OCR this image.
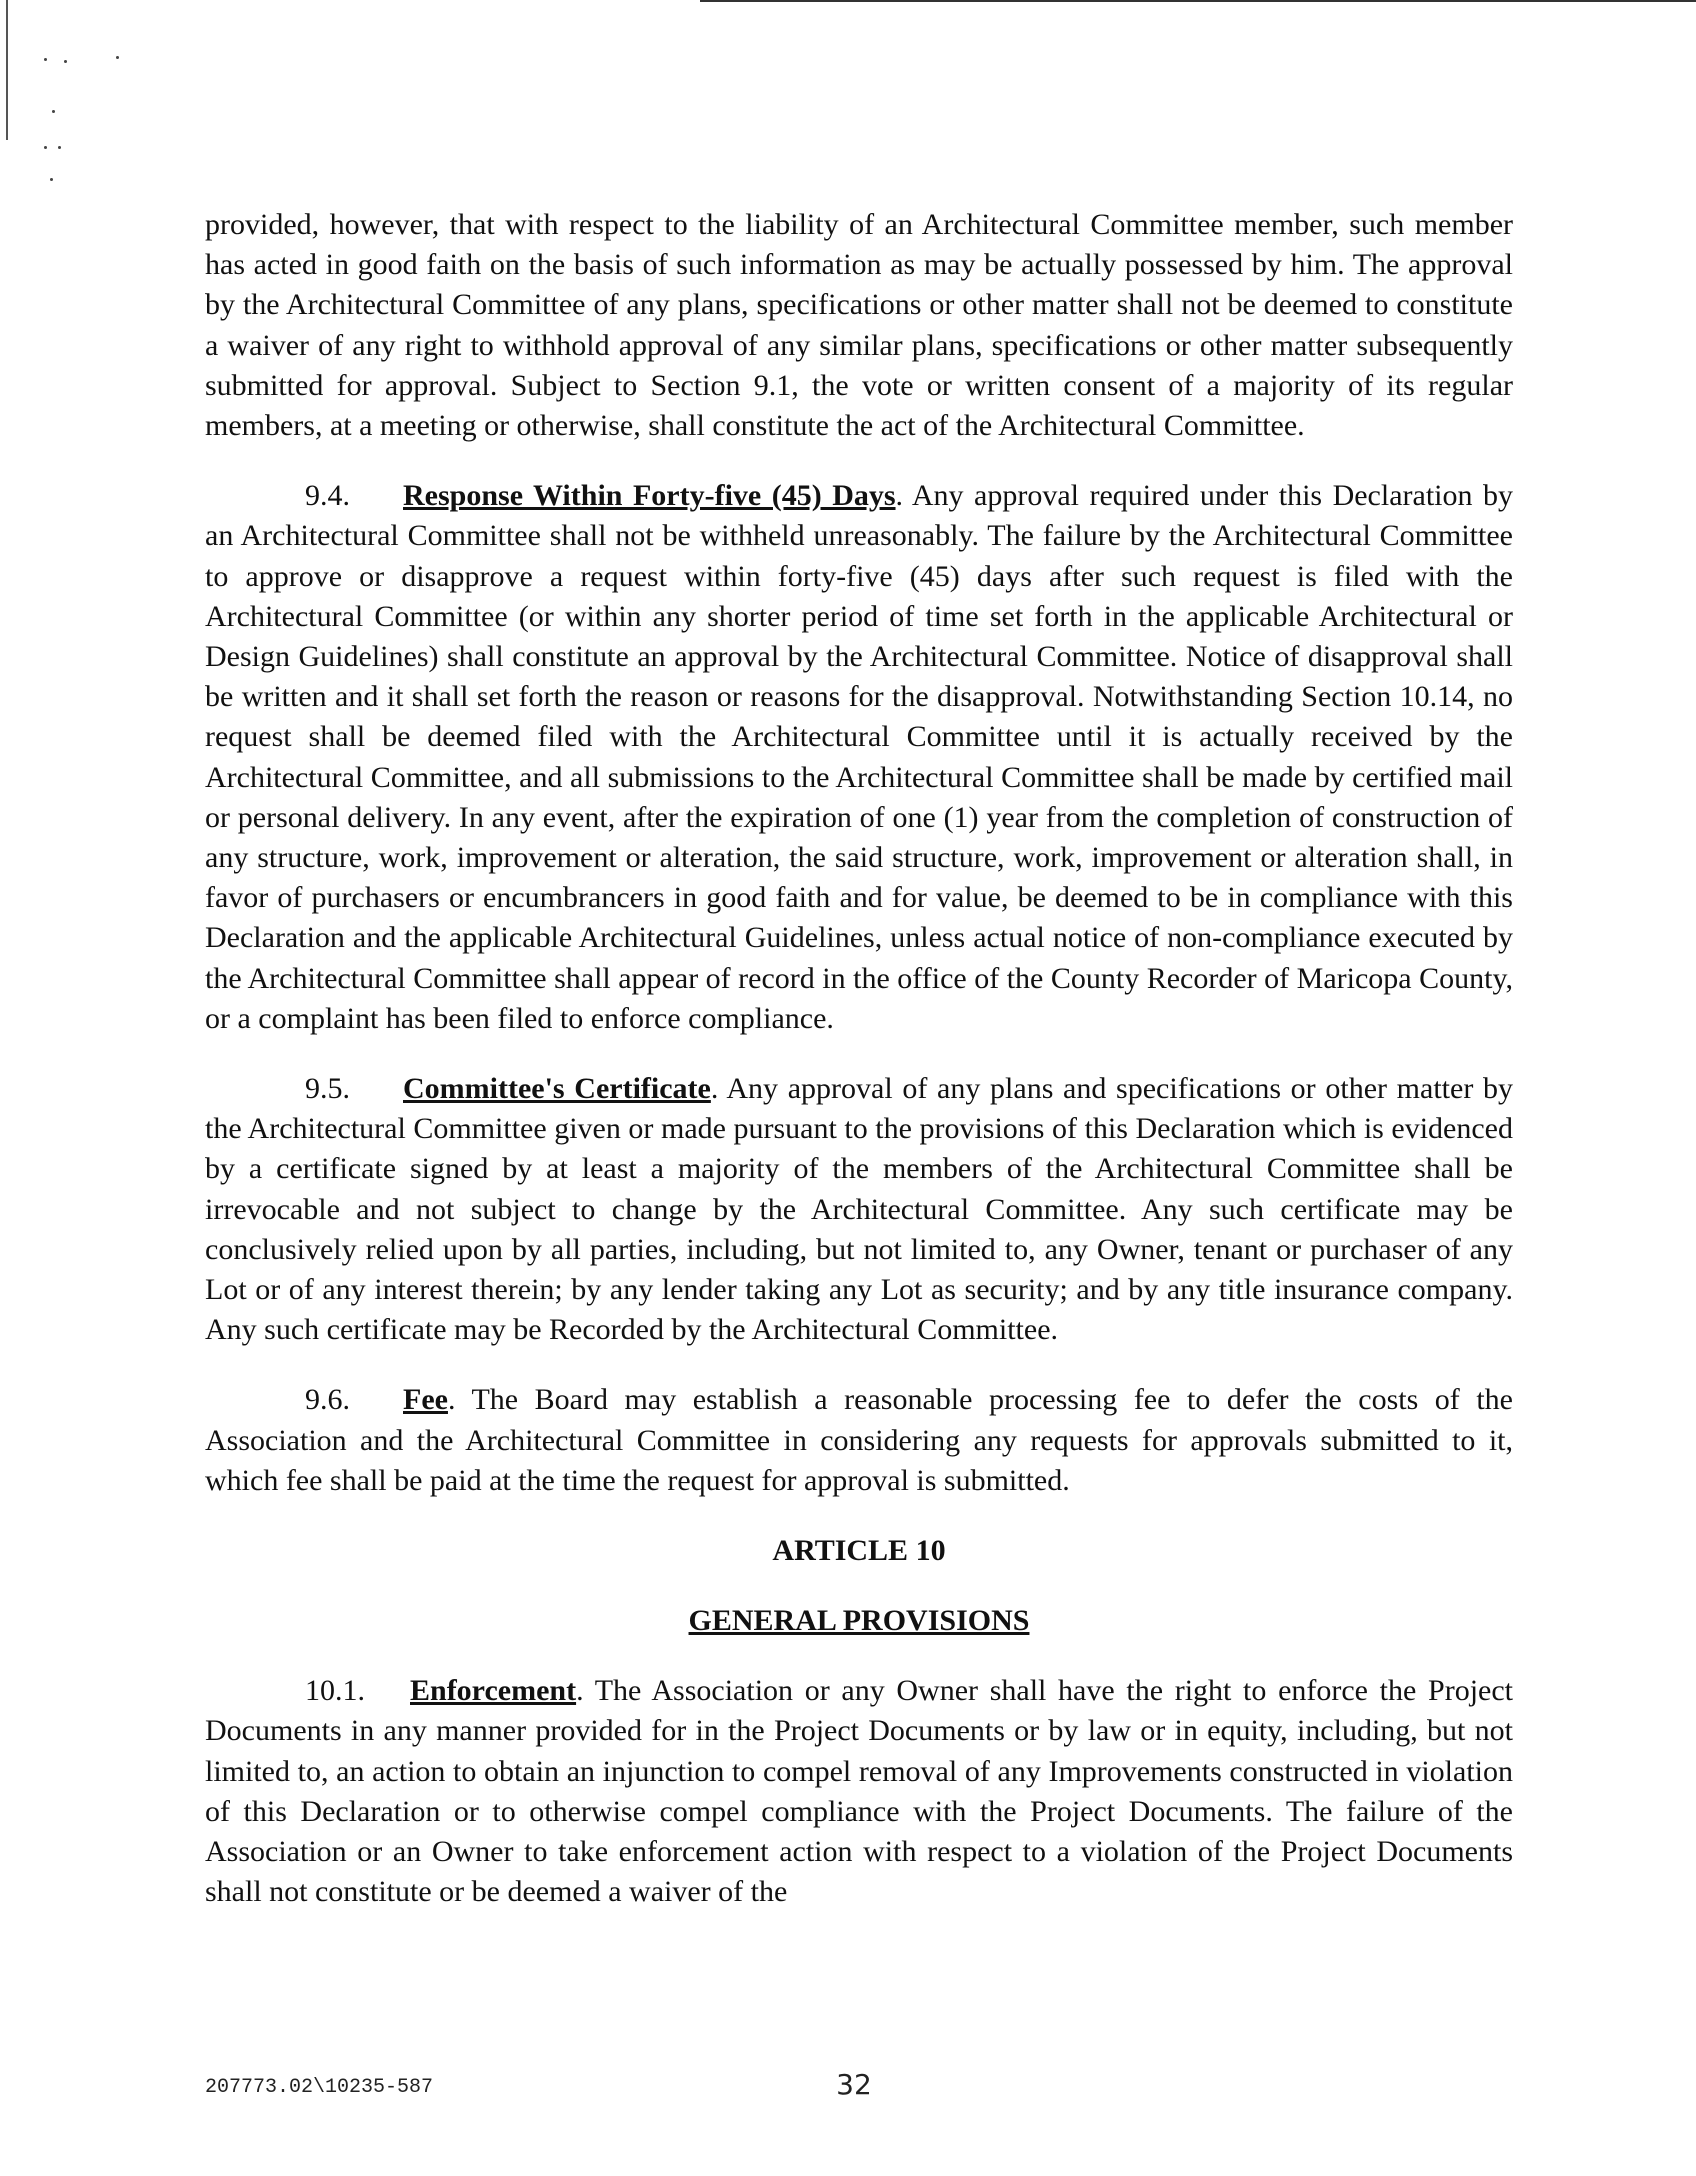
provided, however, that with respect to the liability of an Architectural Committee member, such member has acted in good faith on the basis of such information as may be actually possessed by him. The approval by the Architectural Committee of any plans, specifications or other matter shall not be deemed to constitute a waiver of any right to withhold approval of any similar plans, specifications or other matter subsequently submitted for approval. Subject to Section 9.1, the vote or written consent of a majority of its regular members, at a meeting or otherwise, shall constitute the act of the Architectural Committee.

9.4. Response Within Forty-five (45) Days. Any approval required under this Declaration by an Architectural Committee shall not be withheld unreasonably. The failure by the Architectural Committee to approve or disapprove a request within forty-five (45) days after such request is filed with the Architectural Committee (or within any shorter period of time set forth in the applicable Architectural or Design Guidelines) shall constitute an approval by the Architectural Committee. Notice of disapproval shall be written and it shall set forth the reason or reasons for the disapproval. Notwithstanding Section 10.14, no request shall be deemed filed with the Architectural Committee until it is actually received by the Architectural Committee, and all submissions to the Architectural Committee shall be made by certified mail or personal delivery. In any event, after the expiration of one (1) year from the completion of construction of any structure, work, improvement or alteration, the said structure, work, improvement or alteration shall, in favor of purchasers or encumbrancers in good faith and for value, be deemed to be in compliance with this Declaration and the applicable Architectural Guidelines, unless actual notice of non-compliance executed by the Architectural Committee shall appear of record in the office of the County Recorder of Maricopa County, or a complaint has been filed to enforce compliance.

9.5. Committee's Certificate. Any approval of any plans and specifications or other matter by the Architectural Committee given or made pursuant to the provisions of this Declaration which is evidenced by a certificate signed by at least a majority of the members of the Architectural Committee shall be irrevocable and not subject to change by the Architectural Committee. Any such certificate may be conclusively relied upon by all parties, including, but not limited to, any Owner, tenant or purchaser of any Lot or of any interest therein; by any lender taking any Lot as security; and by any title insurance company. Any such certificate may be Recorded by the Architectural Committee.

9.6. Fee. The Board may establish a reasonable processing fee to defer the costs of the Association and the Architectural Committee in considering any requests for approvals submitted to it, which fee shall be paid at the time the request for approval is submitted.

ARTICLE 10
GENERAL PROVISIONS

10.1. Enforcement. The Association or any Owner shall have the right to enforce the Project Documents in any manner provided for in the Project Documents or by law or in equity, including, but not limited to, an action to obtain an injunction to compel removal of any Improvements constructed in violation of this Declaration or to otherwise compel compliance with the Project Documents. The failure of the Association or an Owner to take enforcement action with respect to a violation of the Project Documents shall not constitute or be deemed a waiver of the

207773.02\10235-587	32
